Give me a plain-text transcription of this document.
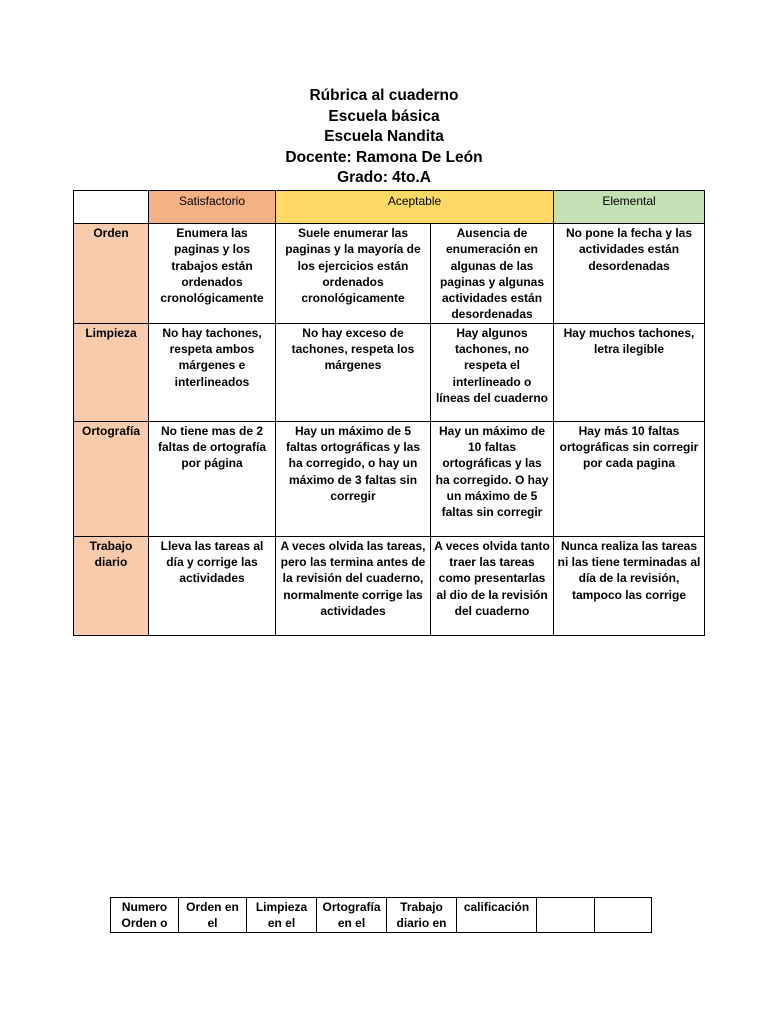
Rúbrica al cuaderno
Escuela básica
Escuela Nandita
Docente: Ramona De León
Grado: 4to.A
	Satisfactorio	Aceptable		Elemental
Orden	Enumera las paginas y los trabajos están ordenados cronológicamente	Suele enumerar las paginas y la mayoría de los ejercicios están ordenados cronológicamente	Ausencia de enumeración en algunas de las paginas y algunas actividades están desordenadas	No pone la fecha y las actividades están desordenadas
Limpieza	No hay tachones, respeta ambos márgenes e interlineados	No hay exceso de tachones, respeta los márgenes	Hay algunos tachones, no respeta el interlineado o líneas del cuaderno	Hay muchos tachones, letra ilegible
Ortografía	No tiene mas de 2 faltas de ortografía por página	Hay un máximo de 5 faltas ortográficas y las ha corregido, o hay un máximo de 3 faltas sin corregir	Hay un máximo de 10 faltas ortográficas y las ha corregido. O hay un máximo de 5 faltas sin corregir	Hay más 10 faltas ortográficas sin corregir por cada pagina
Trabajo diario	Lleva las tareas al día y corrige las actividades	A veces olvida las tareas, pero las termina antes de la revisión del cuaderno, normalmente corrige las actividades	A veces olvida tanto traer las tareas como presentarlas al dio de la revisión del cuaderno	Nunca realiza las tareas ni las tiene terminadas al día de la revisión, tampoco las corrige
Numero Orden o	Orden en el	Limpieza en el	Ortografía en el	Trabajo diario en	calificación		
